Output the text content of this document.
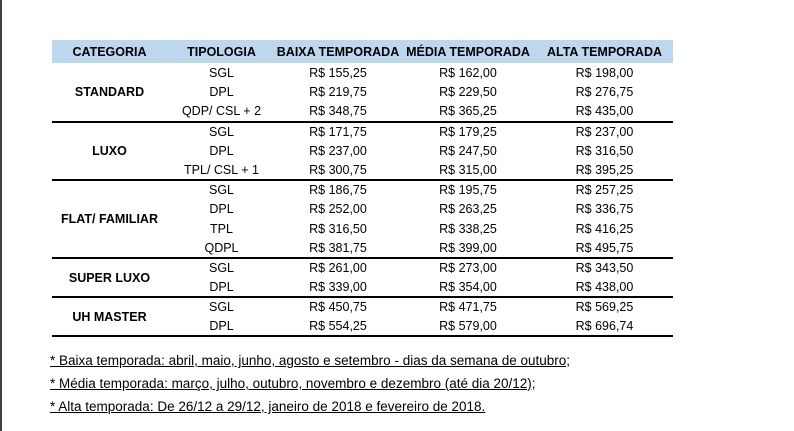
CATEGORIA	TIPOLOGIA	BAIXA TEMPORADA	MÉDIA TEMPORADA	ALTA TEMPORADA
STANDARD	SGL	R$ 155,25	R$ 162,00	R$ 198,00
	DPL	R$ 219,75	R$ 229,50	R$ 276,75
	QDP/ CSL + 2	R$ 348,75	R$ 365,25	R$ 435,00
LUXO	SGL	R$ 171,75	R$ 179,25	R$ 237,00
	DPL	R$ 237,00	R$ 247,50	R$ 316,50
	TPL/ CSL + 1	R$ 300,75	R$ 315,00	R$ 395,25
FLAT/ FAMILIAR	SGL	R$ 186,75	R$ 195,75	R$ 257,25
	DPL	R$ 252,00	R$ 263,25	R$ 336,75
	TPL	R$ 316,50	R$ 338,25	R$ 416,25
	QDPL	R$ 381,75	R$ 399,00	R$ 495,75
SUPER LUXO	SGL	R$ 261,00	R$ 273,00	R$ 343,50
	DPL	R$ 339,00	R$ 354,00	R$ 438,00
UH MASTER	SGL	R$ 450,75	R$ 471,75	R$ 569,25
	DPL	R$ 554,25	R$ 579,00	R$ 696,74
* Baixa temporada: abril, maio, junho, agosto e setembro - dias da semana de outubro;
* Média temporada: março, julho, outubro, novembro e dezembro (até dia 20/12);
* Alta temporada: De 26/12 a 29/12, janeiro de 2018 e fevereiro de 2018.
